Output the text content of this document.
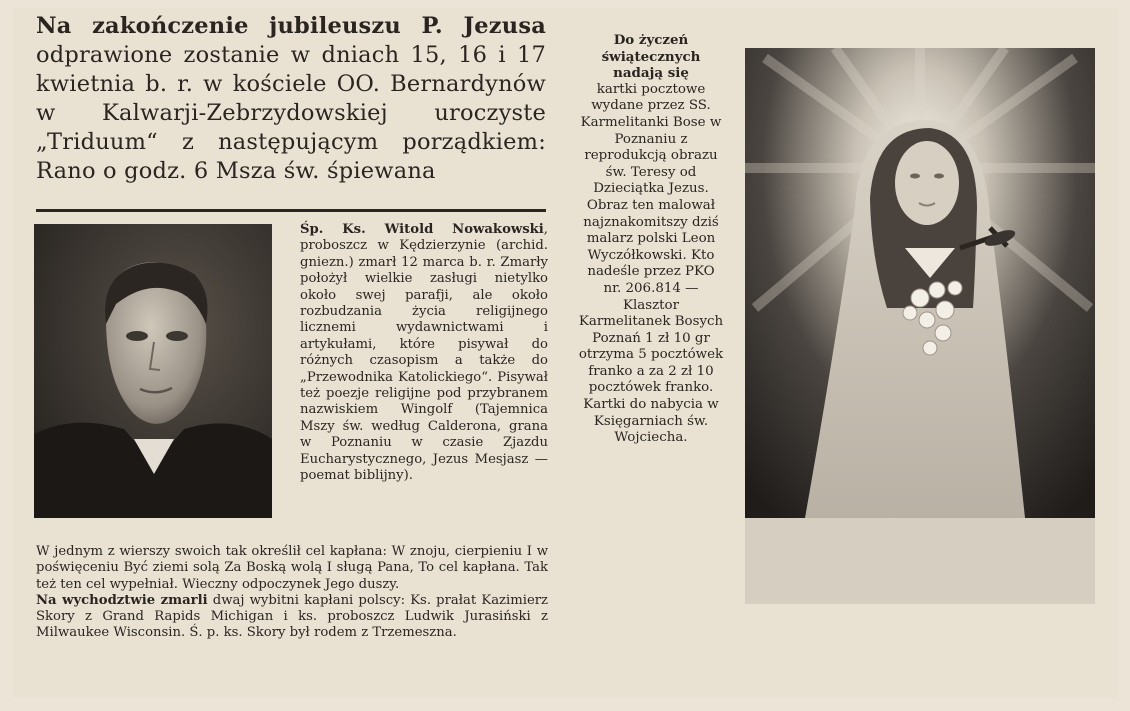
Na zakończenie jubileuszu P. Jezusa odprawione zostanie w dniach 15, 16 i 17 kwietnia b. r. w kościele OO. Bernardynów w Kalwarji-Zebrzydowskiej uroczyste „Triduum“ z następującym porządkiem: Rano o godz. 6 Msza św. śpiewana
Śp. Ks. Witold Nowakowski, proboszcz w Kędzierzynie (archid. gniezn.) zmarł 12 marca b. r. Zmarły położył wielkie zasługi nietylko około swej parafji, ale około rozbudzania życia religijnego licznemi wydawnictwami i artykułami, które pisywał do różnych czasopism a także do „Przewodnika Katolickiego“. Pisywał też poezje religijne pod przybranem nazwiskiem Wingolf (Tajemnica Mszy św. według Calderona, grana w Poznaniu w czasie Zjazdu Eucharystycznego, Jezus Mesjasz — poemat biblijny).

W jednym z wierszy swoich tak określił cel kapłana: W znoju, cierpieniu I w poświęceniu Być ziemi solą Za Boską wolą I sługą Pana, To cel kapłana. Tak też ten cel wypełniał. Wieczny odpoczynek Jego duszy.

Na wychodztwie zmarli dwaj wybitni kapłani polscy: Ks. prałat Kazimierz Skory z Grand Rapids Michigan i ks. proboszcz Ludwik Jurasiński z Milwaukee Wisconsin. Ś. p. ks. Skory był rodem z Trzemeszna.

Do życzeń świątecznych nadają się
kartki pocztowe wydane przez SS. Karmelitanki Bose w Poznaniu z reprodukcją obrazu św. Teresy od Dzieciątka Jezus. Obraz ten malował najznakomitszy dziś malarz polski Leon Wyczółkowski. Kto nadeśle przez PKO nr. 206.814 — Klasztor Karmelitanek Bosych Poznań 1 zł 10 gr otrzyma 5 pocztówek franko a za 2 zł 10 pocztówek franko. Kartki do nabycia w Księgarniach św. Wojciecha.
